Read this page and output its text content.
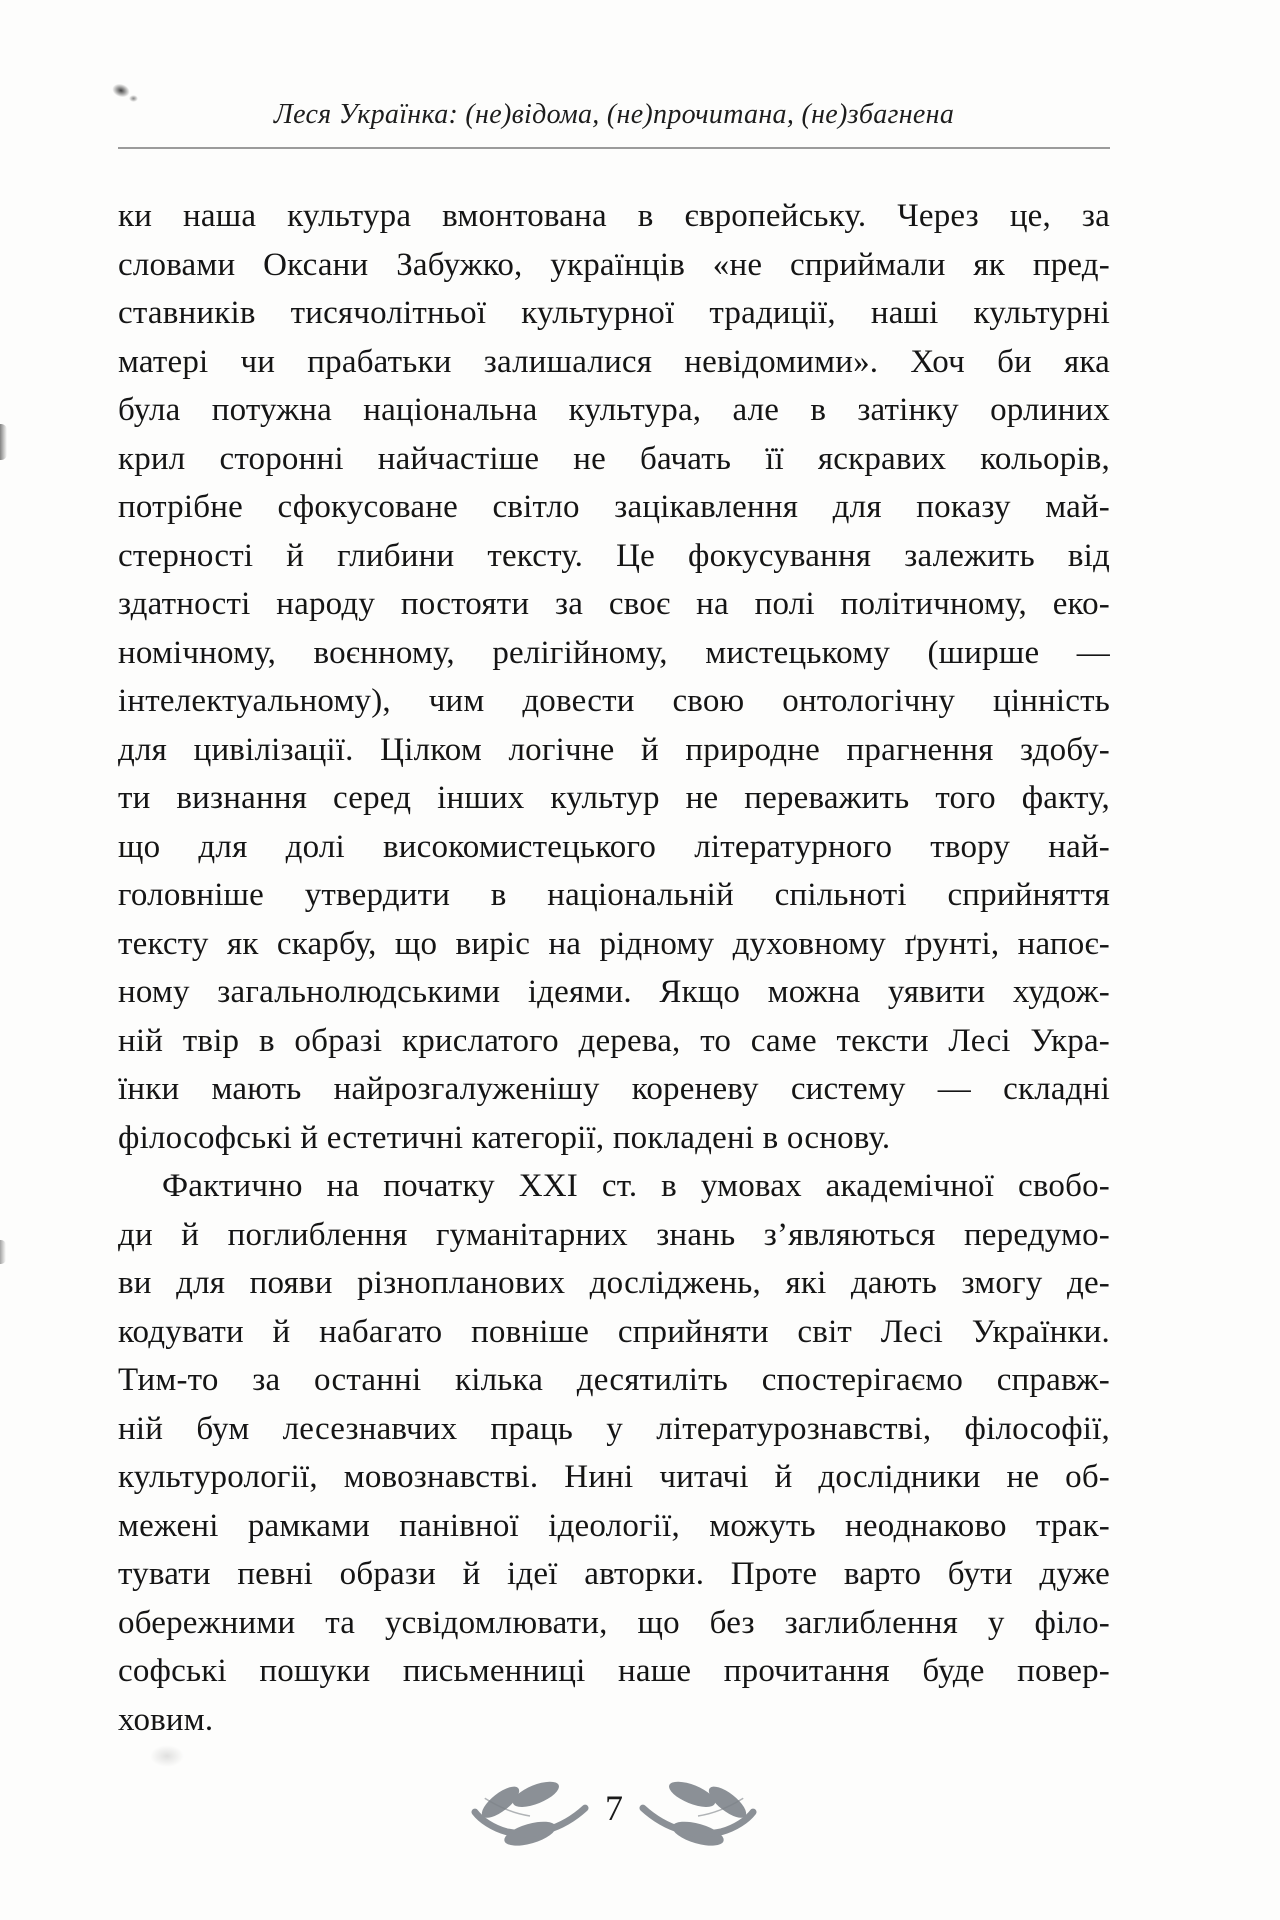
Леся Українка: (не)відома, (не)прочитана, (не)збагнена
ки наша культура вмонтована в європейську. Через це, за
словами Оксани Забужко, українців «не сприймали як пред-
ставників тисячолітньої культурної традиції, наші культурні
матері чи прабатьки залишалися невідомими». Хоч би яка
була потужна національна культура, але в затінку орлиних
крил сторонні найчастіше не бачать її яскравих кольорів,
потрібне сфокусоване світло зацікавлення для показу май-
стерності й глибини тексту. Це фокусування залежить від
здатності народу постояти за своє на полі політичному, еко-
номічному, воєнному, релігійному, мистецькому (ширше —
інтелектуальному), чим довести свою онтологічну цінність
для цивілізації. Цілком логічне й природне прагнення здобу-
ти визнання серед інших культур не переважить того факту,
що для долі високомистецького літературного твору най-
головніше утвердити в національній спільноті сприйняття
тексту як скарбу, що виріс на рідному духовному ґрунті, напоє-
ному загальнолюдськими ідеями. Якщо можна уявити худож-
ній твір в образі крислатого дерева, то саме тексти Лесі Укра-
їнки мають найрозгалуженішу кореневу систему — складні
філософські й естетичні категорії, покладені в основу.
Фактично на початку XXI ст. в умовах академічної свобо-
ди й поглиблення гуманітарних знань з’являються передумо-
ви для появи різнопланових досліджень, які дають змогу де-
кодувати й набагато повніше сприйняти світ Лесі Українки.
Тим-то за останні кілька десятиліть спостерігаємо справж-
ній бум лесезнавчих праць у літературознавстві, філософії,
культурології, мовознавстві. Нині читачі й дослідники не об-
межені рамками панівної ідеології, можуть неоднаково трак-
тувати певні образи й ідеї авторки. Проте варто бути дуже
обережними та усвідомлювати, що без заглиблення у філо-
софські пошуки письменниці наше прочитання буде повер-
ховим.
7
